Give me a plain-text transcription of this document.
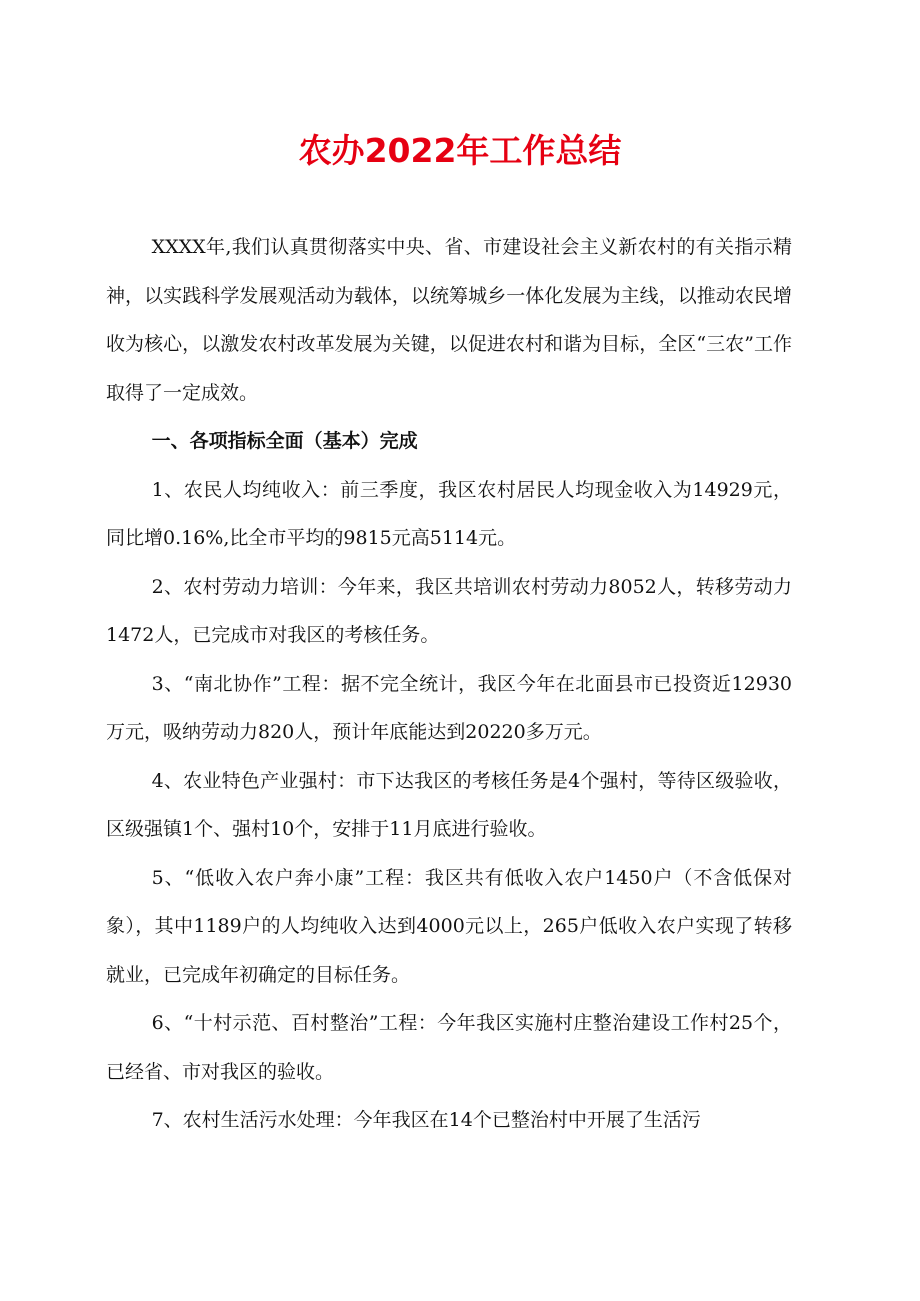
农办2022年工作总结

XXXX年,我们认真贯彻落实中央、省、市建设社会主义新农村的有关指示精神，以实践科学发展观活动为载体，以统筹城乡一体化发展为主线，以推动农民增收为核心，以激发农村改革发展为关键，以促进农村和谐为目标，全区“三农”工作取得了一定成效。

一、各项指标全面（基本）完成

1、农民人均纯收入：前三季度，我区农村居民人均现金收入为14929元，同比增0.16%,比全市平均的9815元高5114元。

2、农村劳动力培训：今年来，我区共培训农村劳动力8052人，转移劳动力1472人，已完成市对我区的考核任务。

3、“南北协作”工程：据不完全统计，我区今年在北面县市已投资近12930万元，吸纳劳动力820人，预计年底能达到20220多万元。

4、农业特色产业强村：市下达我区的考核任务是4个强村，等待区级验收，区级强镇1个、强村10个，安排于11月底进行验收。

5、“低收入农户奔小康”工程：我区共有低收入农户1450户（不含低保对象），其中1189户的人均纯收入达到4000元以上，265户低收入农户实现了转移就业，已完成年初确定的目标任务。

6、“十村示范、百村整治”工程：今年我区实施村庄整治建设工作村25个，已经省、市对我区的验收。

7、农村生活污水处理：今年我区在14个已整治村中开展了生活污
